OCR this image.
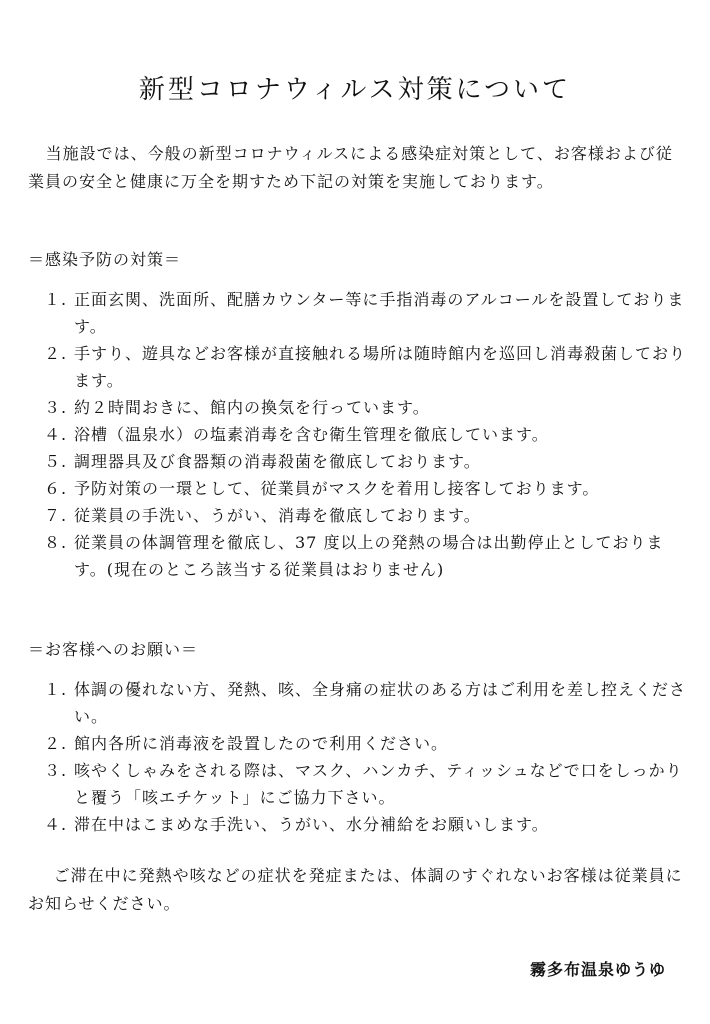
新型コロナウィルス対策について

当施設では、今般の新型コロナウィルスによる感染症対策として、お客様および従業員の安全と健康に万全を期すため下記の対策を実施しております。

＝感染予防の対策＝
１. 正面玄関、洗面所、配膳カウンター等に手指消毒のアルコールを設置しております。
２. 手すり、遊具などお客様が直接触れる場所は随時館内を巡回し消毒殺菌しております。
３. 約２時間おきに、館内の換気を行っています。
４. 浴槽（温泉水）の塩素消毒を含む衛生管理を徹底しています。
５. 調理器具及び食器類の消毒殺菌を徹底しております。
６. 予防対策の一環として、従業員がマスクを着用し接客しております。
７. 従業員の手洗い、うがい、消毒を徹底しております。
８. 従業員の体調管理を徹底し、37 度以上の発熱の場合は出勤停止としております。(現在のところ該当する従業員はおりません)
＝お客様へのお願い＝
１. 体調の優れない方、発熱、咳、全身痛の症状のある方はご利用を差し控えください。
２. 館内各所に消毒液を設置したので利用ください。
３. 咳やくしゃみをされる際は、マスク、ハンカチ、ティッシュなどで口をしっかりと覆う「咳エチケット」にご協力下さい。
４. 滞在中はこまめな手洗い、うがい、水分補給をお願いします。

ご滞在中に発熱や咳などの症状を発症または、体調のすぐれないお客様は従業員にお知らせください。

霧多布温泉ゆうゆ
